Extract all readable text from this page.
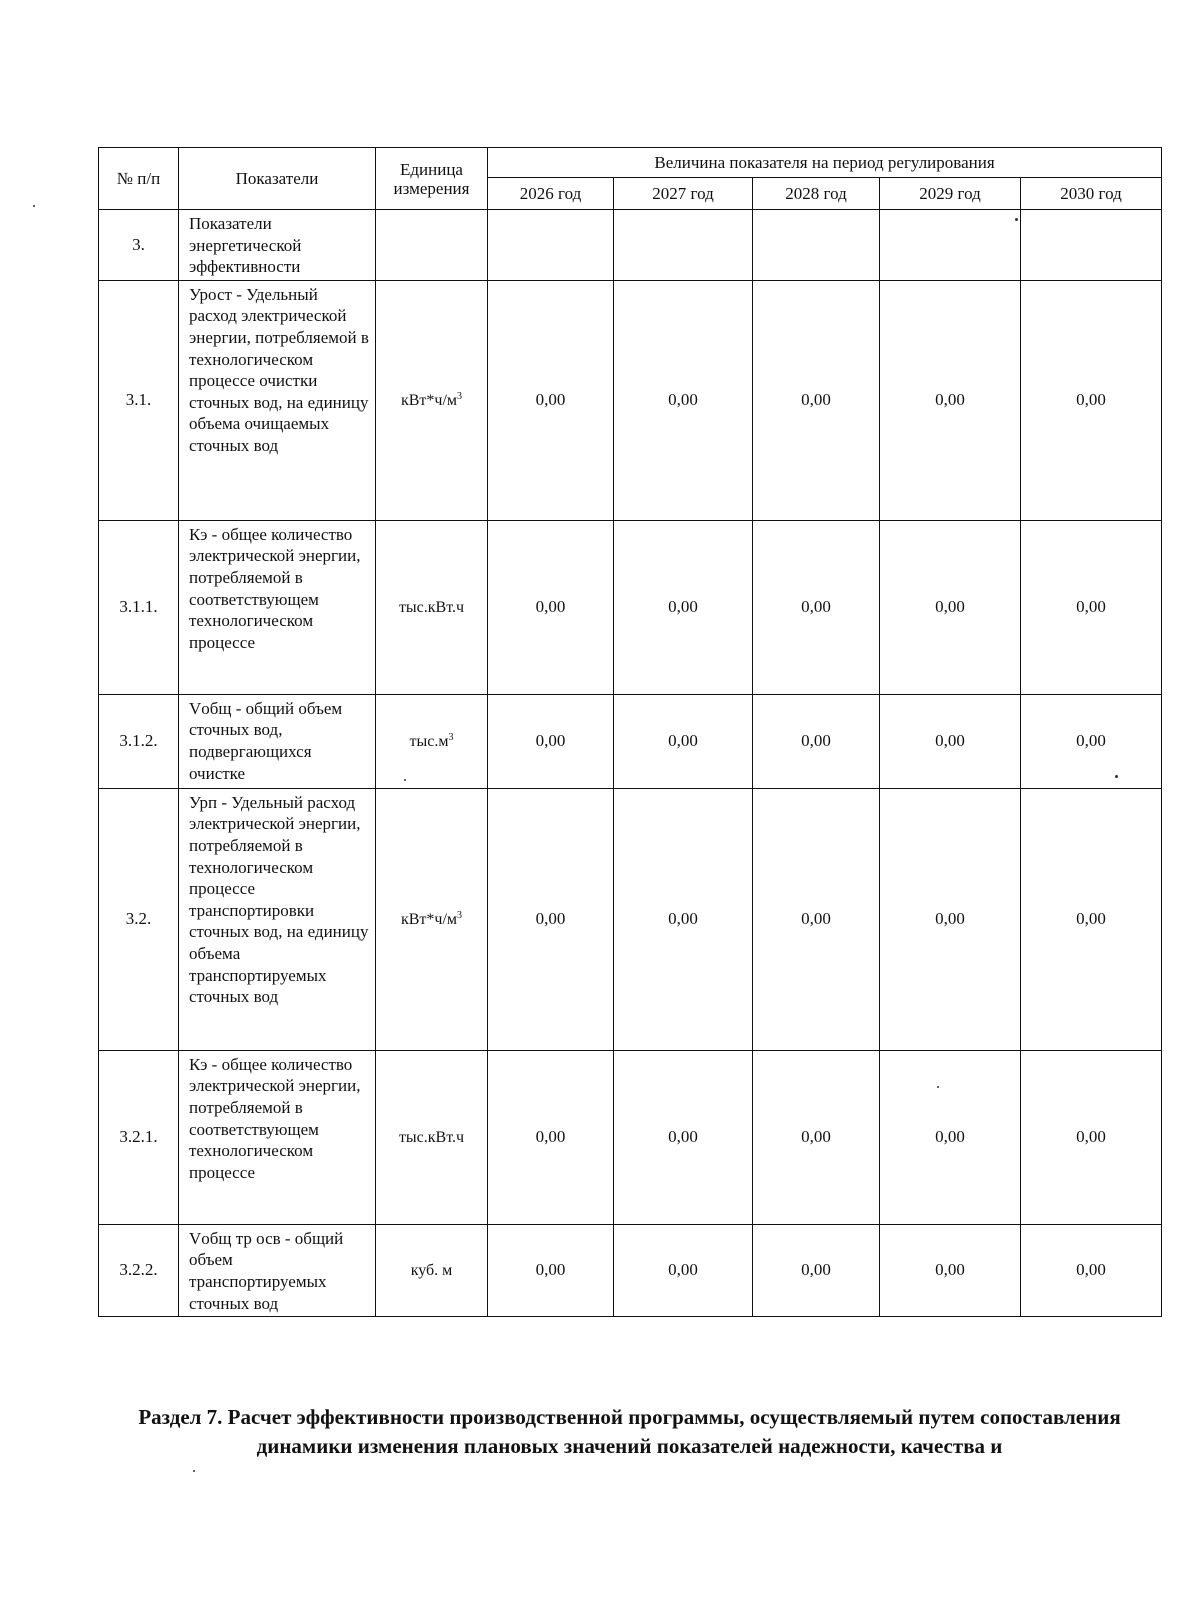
№ п/п	Показатели	Единица измерения	Величина показателя на период регулирования				
			2026 год	2027 год	2028 год	2029 год	2030 год
3.	Показатели энергетической эффективности						
3.1.	Урост - Удельный расход электрической энергии, потребляемой в технологическом процессе очистки сточных вод, на единицу объема очищаемых сточных вод	$кВт*ч/м^3$	0,00	0,00	0,00	0,00	0,00
3.1.1.	Кэ - общее количество электрической энергии, потребляемой в соответствующем технологическом процессе	тыс.кВт.ч	0,00	0,00	0,00	0,00	0,00
3.1.2.	Vобщ - общий объем сточных вод, подвергающихся очистке	$тыс.м^3$	0,00	0,00	0,00	0,00	0,00
3.2.	Урп - Удельный расход электрической энергии, потребляемой в технологическом процессе транспортировки сточных вод, на единицу объема транспортируемых сточных вод	$кВт*ч/м^3$	0,00	0,00	0,00	0,00	0,00
3.2.1.	Кэ - общее количество электрической энергии, потребляемой в соответствующем технологическом процессе	тыс.кВт.ч	0,00	0,00	0,00	0,00	0,00
3.2.2.	Vобщ тр осв - общий объем транспортируемых сточных вод	куб. м	0,00	0,00	0,00	0,00	0,00
Раздел 7. Расчет эффективности производственной программы, осуществляемый путем сопоставления динамики изменения плановых значений показателей надежности, качества и
